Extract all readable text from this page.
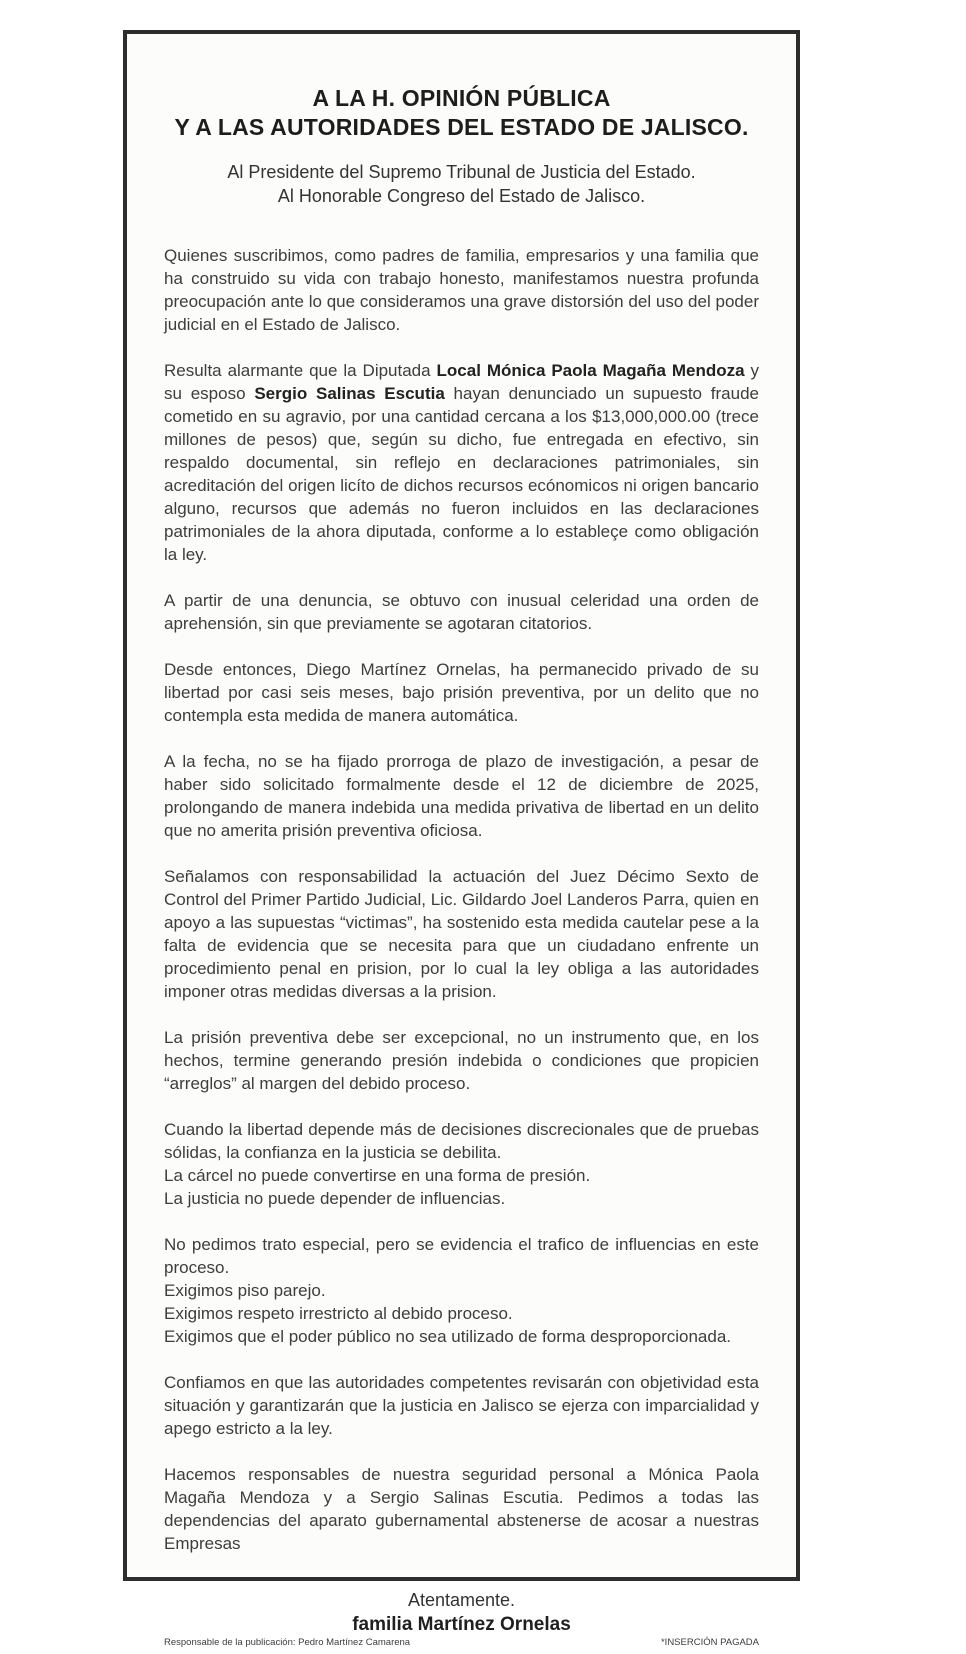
A LA H. OPINIÓN PÚBLICA
Y A LAS AUTORIDADES DEL ESTADO DE JALISCO.
Al Presidente del Supremo Tribunal de Justicia del Estado.
Al Honorable Congreso del Estado de Jalisco.
Quienes suscribimos, como padres de familia, empresarios y una familia que ha construido su vida con trabajo honesto, manifestamos nuestra profunda preocupación ante lo que consideramos una grave distorsión del uso del poder judicial en el Estado de Jalisco.
Resulta alarmante que la Diputada Local Mónica Paola Magaña Mendoza y su esposo Sergio Salinas Escutia hayan denunciado un supuesto fraude cometido en su agravio, por una cantidad cercana a los $13,000,000.00 (trece millones de pesos) que, según su dicho, fue entregada en efectivo, sin respaldo documental, sin reflejo en declaraciones patrimoniales, sin acreditación del origen licíto de dichos recursos ecónomicos ni origen bancario alguno, recursos que además no fueron incluidos en las declaraciones patrimoniales de la ahora diputada, conforme a lo estableçe como obligación la ley.
A partir de una denuncia, se obtuvo con inusual celeridad una orden de aprehensión, sin que previamente se agotaran citatorios.
Desde entonces, Diego Martínez Ornelas, ha permanecido privado de su libertad por casi seis meses, bajo prisión preventiva, por un delito que no contempla esta medida de manera automática.
A la fecha, no se ha fijado prorroga de plazo de investigación, a pesar de haber sido solicitado formalmente desde el 12 de diciembre de 2025, prolongando de manera indebida una medida privativa de libertad en un delito que no amerita prisión preventiva oficiosa.
Señalamos con responsabilidad la actuación del Juez Décimo Sexto de Control del Primer Partido Judicial, Lic. Gildardo Joel Landeros Parra, quien en apoyo a las supuestas “victimas”, ha sostenido esta medida cautelar pese a la falta de evidencia que se necesita para que un ciudadano enfrente un procedimiento penal en prision, por lo cual la ley obliga a las autoridades imponer otras medidas diversas a la prision.
La prisión preventiva debe ser excepcional, no un instrumento que, en los hechos, termine generando presión indebida o condiciones que propicien “arreglos” al margen del debido proceso.
Cuando la libertad depende más de decisiones discrecionales que de pruebas sólidas, la confianza en la justicia se debilita.
La cárcel no puede convertirse en una forma de presión.
La justicia no puede depender de influencias.
No pedimos trato especial, pero se evidencia el trafico de influencias en este proceso.
Exigimos piso parejo.
Exigimos respeto irrestricto al debido proceso.
Exigimos que el poder público no sea utilizado de forma desproporcionada.
Confiamos en que las autoridades competentes revisarán con objetividad esta situación y garantizarán que la justicia en Jalisco se ejerza con imparcialidad y apego estricto a la ley.
Hacemos responsables de nuestra seguridad personal a Mónica Paola Magaña Mendoza y a Sergio Salinas Escutia. Pedimos a todas las dependencias del aparato gubernamental abstenerse de acosar a nuestras Empresas
Atentamente.
familia Martínez Ornelas
Responsable de la publicación: Pedro Martínez Camarena	*INSERCIÓN PAGADA
